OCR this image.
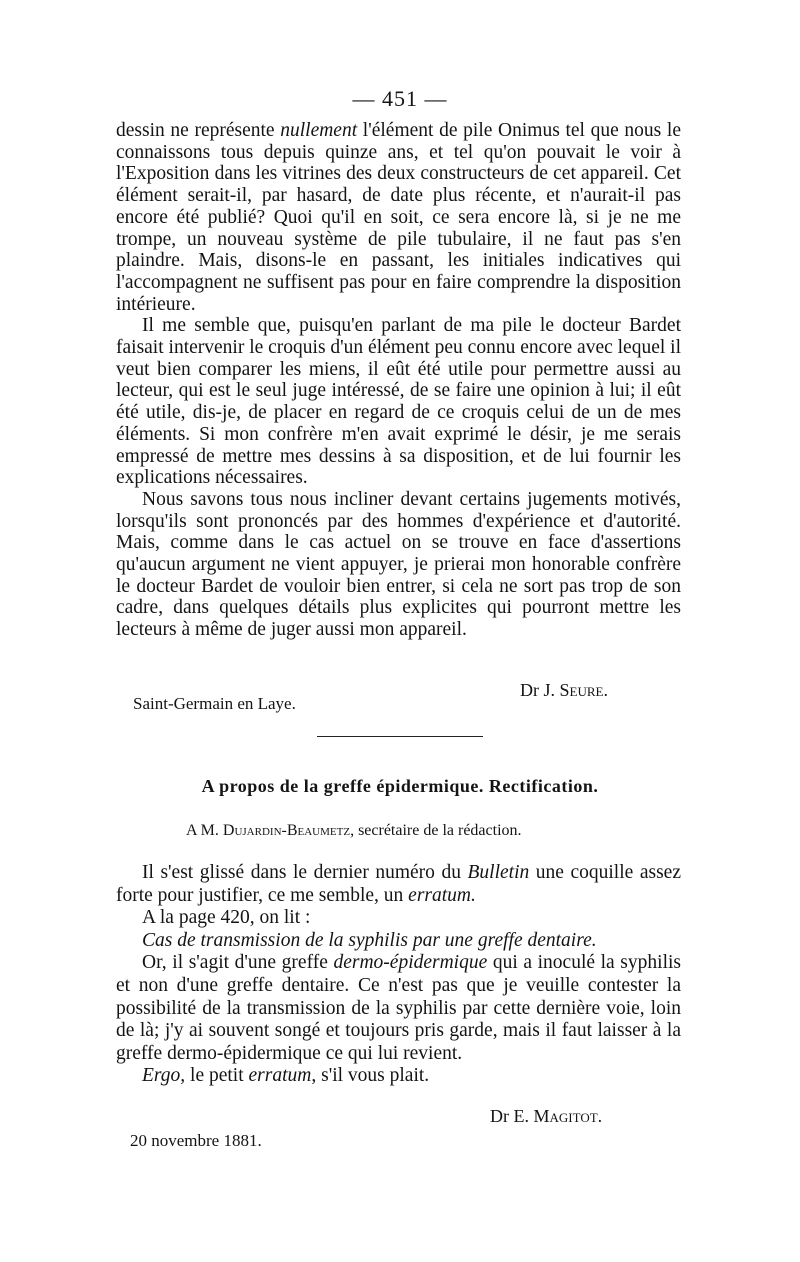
— 451 —

dessin ne représente nullement l'élément de pile Onimus tel que nous le connaissons tous depuis quinze ans, et tel qu'on pouvait le voir à l'Exposition dans les vitrines des deux constructeurs de cet appareil. Cet élément serait-il, par hasard, de date plus récente, et n'aurait-il pas encore été publié? Quoi qu'il en soit, ce sera encore là, si je ne me trompe, un nouveau système de pile tubulaire, il ne faut pas s'en plaindre. Mais, disons-le en passant, les initiales indicatives qui l'accompagnent ne suffisent pas pour en faire comprendre la disposition intérieure.

Il me semble que, puisqu'en parlant de ma pile le docteur Bardet faisait intervenir le croquis d'un élément peu connu encore avec lequel il veut bien comparer les miens, il eût été utile pour permettre aussi au lecteur, qui est le seul juge intéressé, de se faire une opinion à lui; il eût été utile, dis-je, de placer en regard de ce croquis celui de un de mes éléments. Si mon confrère m'en avait exprimé le désir, je me serais empressé de mettre mes dessins à sa disposition, et de lui fournir les explications nécessaires.

Nous savons tous nous incliner devant certains jugements motivés, lorsqu'ils sont prononcés par des hommes d'expérience et d'autorité. Mais, comme dans le cas actuel on se trouve en face d'assertions qu'aucun argument ne vient appuyer, je prierai mon honorable confrère le docteur Bardet de vouloir bien entrer, si cela ne sort pas trop de son cadre, dans quelques détails plus explicites qui pourront mettre les lecteurs à même de juger aussi mon appareil.

Dr J. Seure.
Saint-Germain en Laye.
A propos de la greffe épidermique. Rectification.
A M. Dujardin-Beaumetz, secrétaire de la rédaction.

Il s'est glissé dans le dernier numéro du Bulletin une coquille assez forte pour justifier, ce me semble, un erratum.

A la page 420, on lit :

Cas de transmission de la syphilis par une greffe dentaire.

Or, il s'agit d'une greffe dermo-épidermique qui a inoculé la syphilis et non d'une greffe dentaire. Ce n'est pas que je veuille contester la possibilité de la transmission de la syphilis par cette dernière voie, loin de là; j'y ai souvent songé et toujours pris garde, mais il faut laisser à la greffe dermo-épidermique ce qui lui revient.

Ergo, le petit erratum, s'il vous plait.

Dr E. Magitot.
20 novembre 1881.
